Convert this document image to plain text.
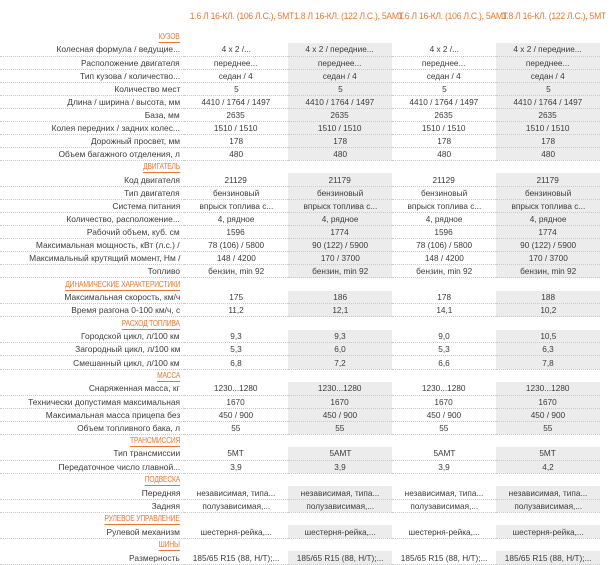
	1.6 Л 16-КЛ. (106 Л.С.), 5МТ	1.8 Л 16-КЛ. (122 Л.С.), 5АМТ	1.6 Л 16-КЛ. (106 Л.С.), 5АМТ	1.8 Л 16-КЛ. (122 Л.С.), 5МТ
КУЗОВ				
Колесная формула / ведущие...	4 x 2 /...	4 x 2 / передние...	4 x 2 /...	4 x 2 / передние...
Расположение двигателя	переднее...	переднее...	переднее...	переднее...
Тип кузова / количество...	седан / 4	седан / 4	седан / 4	седан / 4
Количество мест	5	5	5	5
Длина / ширина / высота, мм	4410 / 1764 / 1497	4410 / 1764 / 1497	4410 / 1764 / 1497	4410 / 1764 / 1497
База, мм	2635	2635	2635	2635
Колея передних / задних колес...	1510 / 1510	1510 / 1510	1510 / 1510	1510 / 1510
Дорожный просвет, мм	178	178	178	178
Объем багажного отделения, л	480	480	480	480
ДВИГАТЕЛЬ				
Код двигателя	21129	21179	21129	21179
Тип двигателя	бензиновый	бензиновый	бензиновый	бензиновый
Система питания	впрыск топлива с...	впрыск топлива с...	впрыск топлива с...	впрыск топлива с...
Количество, расположение...	4, рядное	4, рядное	4, рядное	4, рядное
Рабочий объем, куб. см	1596	1774	1596	1774
Максимальная мощность, кВт (л.с.) /	78 (106) / 5800	90 (122) / 5900	78 (106) / 5800	90 (122) / 5900
Максимальный крутящий момент, Нм /	148 / 4200	170 / 3700	148 / 4200	170 / 3700
Топливо	бензин, min 92	бензин, min 92	бензин, min 92	бензин, min 92
ДИНАМИЧЕСКИЕ ХАРАКТЕРИСТИКИ				
Максимальная скорость, км/ч	175	186	178	188
Время разгона 0-100 км/ч, с	11,2	12,1	14,1	10,2
РАСХОД ТОПЛИВА				
Городской цикл, л/100 км	9,3	9,3	9,0	10,5
Загородный цикл, л/100 км	5,3	6,0	5,3	6,3
Смешанный цикл, л/100 км	6,8	7,2	6,6	7,8
МАССА				
Снаряженная масса, кг	1230...1280	1230...1280	1230...1280	1230...1280
Технически допустимая максимальная	1670	1670	1670	1670
Максимальная масса прицепа без	450 / 900	450 / 900	450 / 900	450 / 900
Объем топливного бака, л	55	55	55	55
ТРАНСМИССИЯ				
Тип трансмиссии	5МТ	5АМТ	5АМТ	5МТ
Передаточное число главной...	3,9	3,9	3,9	4,2
ПОДВЕСКА				
Передняя	независимая, типа...	независимая, типа...	независимая, типа...	независимая, типа...
Задняя	полузависимая,...	полузависимая,...	полузависимая,...	полузависимая,...
РУЛЕВОЕ УПРАВЛЕНИЕ				
Рулевой механизм	шестерня-рейка,...	шестерня-рейка,...	шестерня-рейка,...	шестерня-рейка,...
ШИНЫ				
Размерность	185/65 R15 (88, H/T);...	185/65 R15 (88, H/T);...	185/65 R15 (88, H/T);...	185/65 R15 (88, H/T);...
